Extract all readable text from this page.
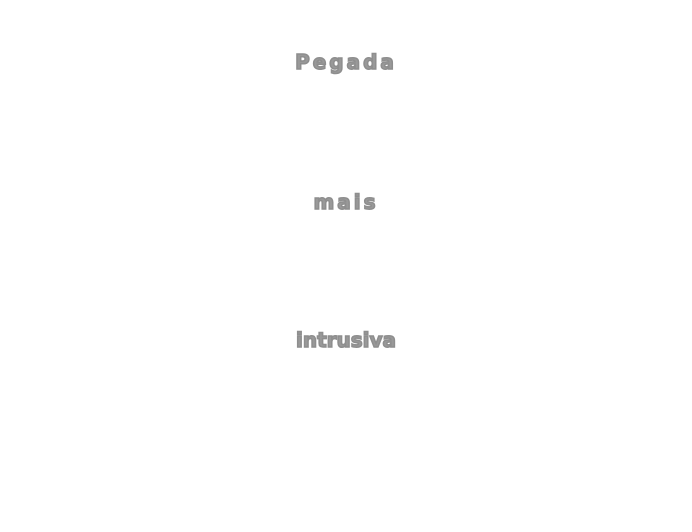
Pegada
mais
intrusiva
